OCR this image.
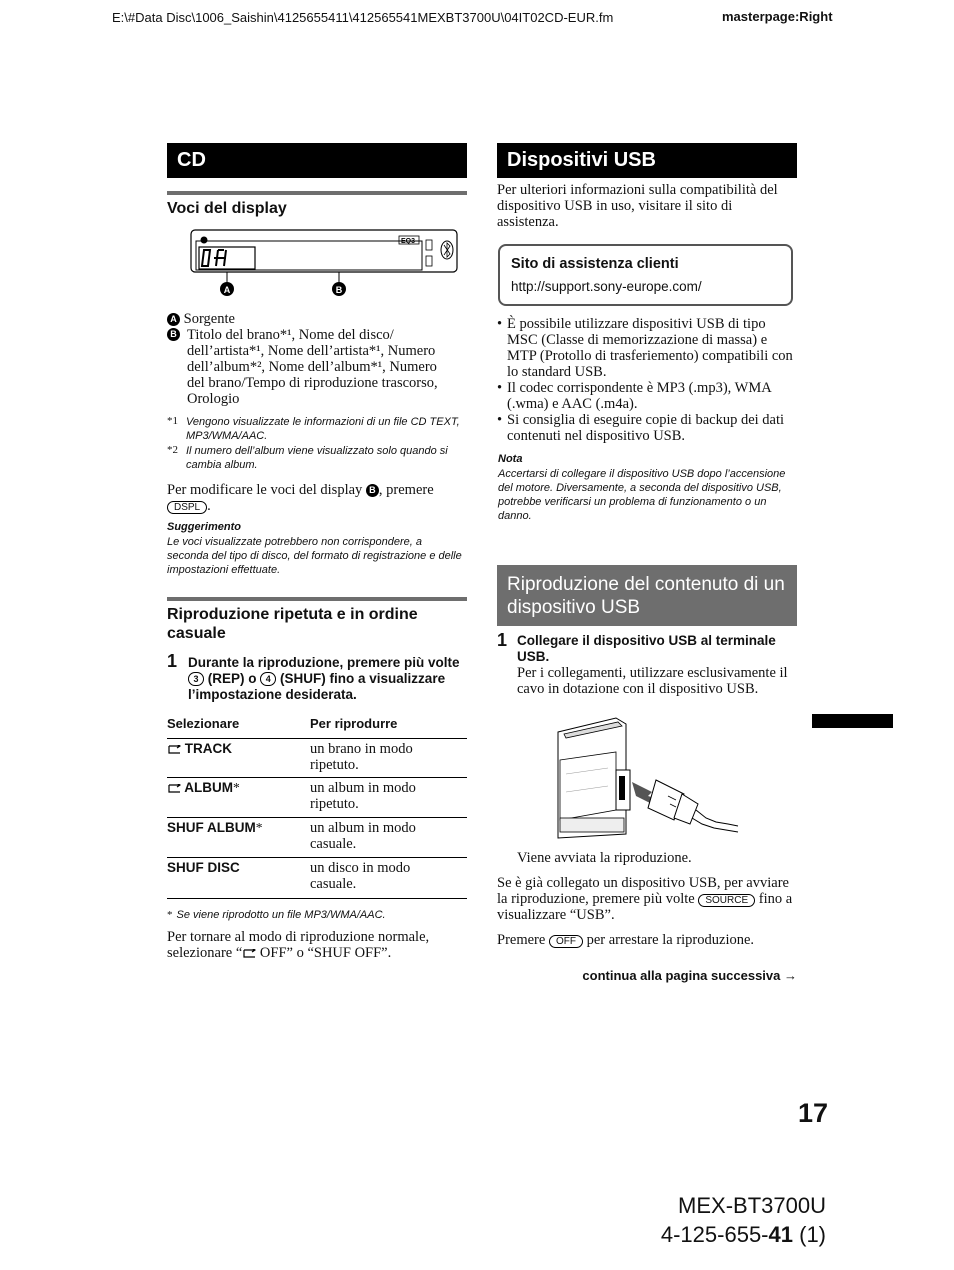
E:\#Data Disc\1006_Saishin\4125655411\412565541MEXBT3700U\04IT02CD-EUR.fm	masterpage:Right
CD
Voci del display
EQ3
A	B
A Sorgente
B Titolo del brano*¹, Nome del disco/ dell’artista*¹, Nome dell’artista*¹, Numero dell’album*², Nome dell’album*¹, Numero del brano/Tempo di riproduzione trascorso, Orologio
*1 Vengono visualizzate le informazioni di un file CD TEXT, MP3/WMA/AAC.
*2 Il numero dell’album viene visualizzato solo quando si cambia album.
Per modificare le voci del display B , premere
DSPL .
Suggerimento
Le voci visualizzate potrebbero non corrispondere, a seconda del tipo di disco, del formato di registrazione e delle impostazioni effettuate.
Riproduzione ripetuta e in ordine casuale
1 Durante la riproduzione, premere più volte 3 (REP) o 4 (SHUF) fino a visualizzare l’impostazione desiderata.
Selezionare	Per riprodurre
TRACK	un brano in modo ripetuto.
ALBUM*	un album in modo ripetuto.
SHUF ALBUM*	un album in modo casuale.
SHUF DISC	un disco in modo casuale.
* Se viene riprodotto un file MP3/WMA/AAC.
Per tornare al modo di riproduzione normale, selezionare “ OFF” o “SHUF OFF”.
Dispositivi USB
Per ulteriori informazioni sulla compatibilità del dispositivo USB in uso, visitare il sito di assistenza.
Sito di assistenza clienti
http://support.sony-europe.com/
• È possibile utilizzare dispositivi USB di tipo MSC (Classe di memorizzazione di massa) e MTP (Protollo di trasferiemento) compatibili con lo standard USB.
• Il codec corrispondente è MP3 (.mp3), WMA (.wma) e AAC (.m4a).
• Si consiglia di eseguire copie di backup dei dati contenuti nel dispositivo USB.
Nota
Accertarsi di collegare il dispositivo USB dopo l’accensione del motore. Diversamente, a seconda del dispositivo USB, potrebbe verificarsi un problema di funzionamento o un danno.
Riproduzione del contenuto di un dispositivo USB
1 Collegare il dispositivo USB al terminale USB.
Per i collegamenti, utilizzare esclusivamente il cavo in dotazione con il dispositivo USB.
Viene avviata la riproduzione.
Se è già collegato un dispositivo USB, per avviare la riproduzione, premere più volte SOURCE fino a visualizzare “USB”.
Premere OFF per arrestare la riproduzione.
continua alla pagina successiva →
17
MEX-BT3700U
4-125-655-41 (1)
